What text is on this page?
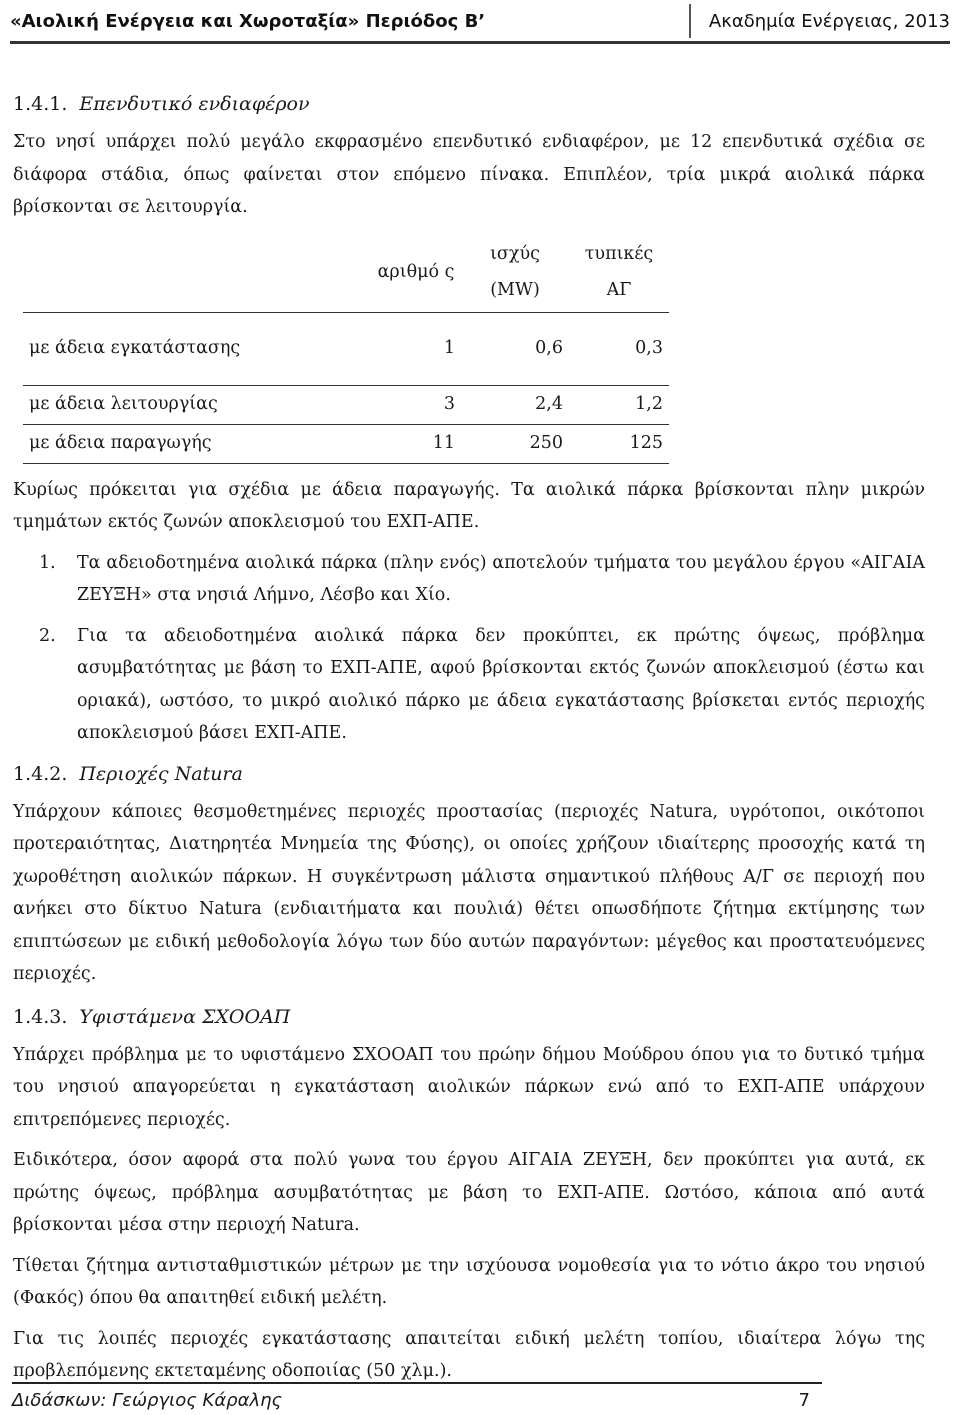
«Αιολική Ενέργεια και Χωροταξία» Περιόδος Β’	Ακαδημία Ενέργειας, 2013
1.4.1. Επενδυτικό ενδιαφέρον

Στο νησί υπάρχει πολύ μεγάλο εκφρασμένο επενδυτικό ενδιαφέρον, με 12 επενδυτικά σχέδια σε διάφορα στάδια, όπως φαίνεται στον επόμενο πίνακα. Επιπλέον, τρία μικρά αιολικά πάρκα βρίσκονται σε λειτουργία.

	αριθμό ς	ισχύς (MW)	τυπικές ΑΓ
με άδεια εγκατάστασης	1	0,6	0,3
με άδεια λειτουργίας	3	2,4	1,2
με άδεια παραγωγής	11	250	125

Κυρίως πρόκειται για σχέδια με άδεια παραγωγής. Τα αιολικά πάρκα βρίσκονται πλην μικρών τμημάτων εκτός ζωνών αποκλεισμού του ΕΧΠ-ΑΠΕ.

1.	Τα αδειοδοτημένα αιολικά πάρκα (πλην ενός) αποτελούν τμήματα του μεγάλου έργου «ΑΙΓΑΙΑ ΖΕΥΞΗ» στα νησιά Λήμνο, Λέσβο και Χίο.
2.	Για τα αδειοδοτημένα αιολικά πάρκα δεν προκύπτει, εκ πρώτης όψεως, πρόβλημα ασυμβατότητας με βάση το ΕΧΠ-ΑΠΕ, αφού βρίσκονται εκτός ζωνών αποκλεισμού (έστω και οριακά), ωστόσο, το μικρό αιολικό πάρκο με άδεια εγκατάστασης βρίσκεται εντός περιοχής αποκλεισμού βάσει ΕΧΠ-ΑΠΕ.
1.4.2. Περιοχές Natura

Υπάρχουν κάποιες θεσμοθετημένες περιοχές προστασίας (περιοχές Natura, υγρότοποι, οικότοποι προτεραιότητας, Διατηρητέα Μνημεία της Φύσης), οι οποίες χρήζουν ιδιαίτερης προσοχής κατά τη χωροθέτηση αιολικών πάρκων. Η συγκέντρωση μάλιστα σημαντικού πλήθους Α/Γ σε περιοχή που ανήκει στο δίκτυο Natura (ενδιαιτήματα και πουλιά) θέτει οπωσδήποτε ζήτημα εκτίμησης των επιπτώσεων με ειδική μεθοδολογία λόγω των δύο αυτών παραγόντων: μέγεθος και προστατευόμενες περιοχές.

1.4.3. Υφιστάμενα ΣΧΟΟΑΠ

Υπάρχει πρόβλημα με το υφιστάμενο ΣΧΟΟΑΠ του πρώην δήμου Μούδρου όπου για το δυτικό τμήμα του νησιού απαγορεύεται η εγκατάσταση αιολικών πάρκων ενώ από το ΕΧΠ-ΑΠΕ υπάρχουν επιτρεπόμενες περιοχές.

Ειδικότερα, όσον αφορά στα πολύ γωνα του έργου ΑΙΓΑΙΑ ΖΕΥΞΗ, δεν προκύπτει για αυτά, εκ πρώτης όψεως, πρόβλημα ασυμβατότητας με βάση το ΕΧΠ-ΑΠΕ. Ωστόσο, κάποια από αυτά βρίσκονται μέσα στην περιοχή Natura.

Τίθεται ζήτημα αντισταθμιστικών μέτρων με την ισχύουσα νομοθεσία για το νότιο άκρο του νησιού (Φακός) όπου θα απαιτηθεί ειδική μελέτη.

Για τις λοιπές περιοχές εγκατάστασης απαιτείται ειδική μελέτη τοπίου, ιδιαίτερα λόγω της προβλεπόμενης εκτεταμένης οδοποιίας (50 χλμ.).

Διδάσκων: Γεώργιος Κάραλης	7
